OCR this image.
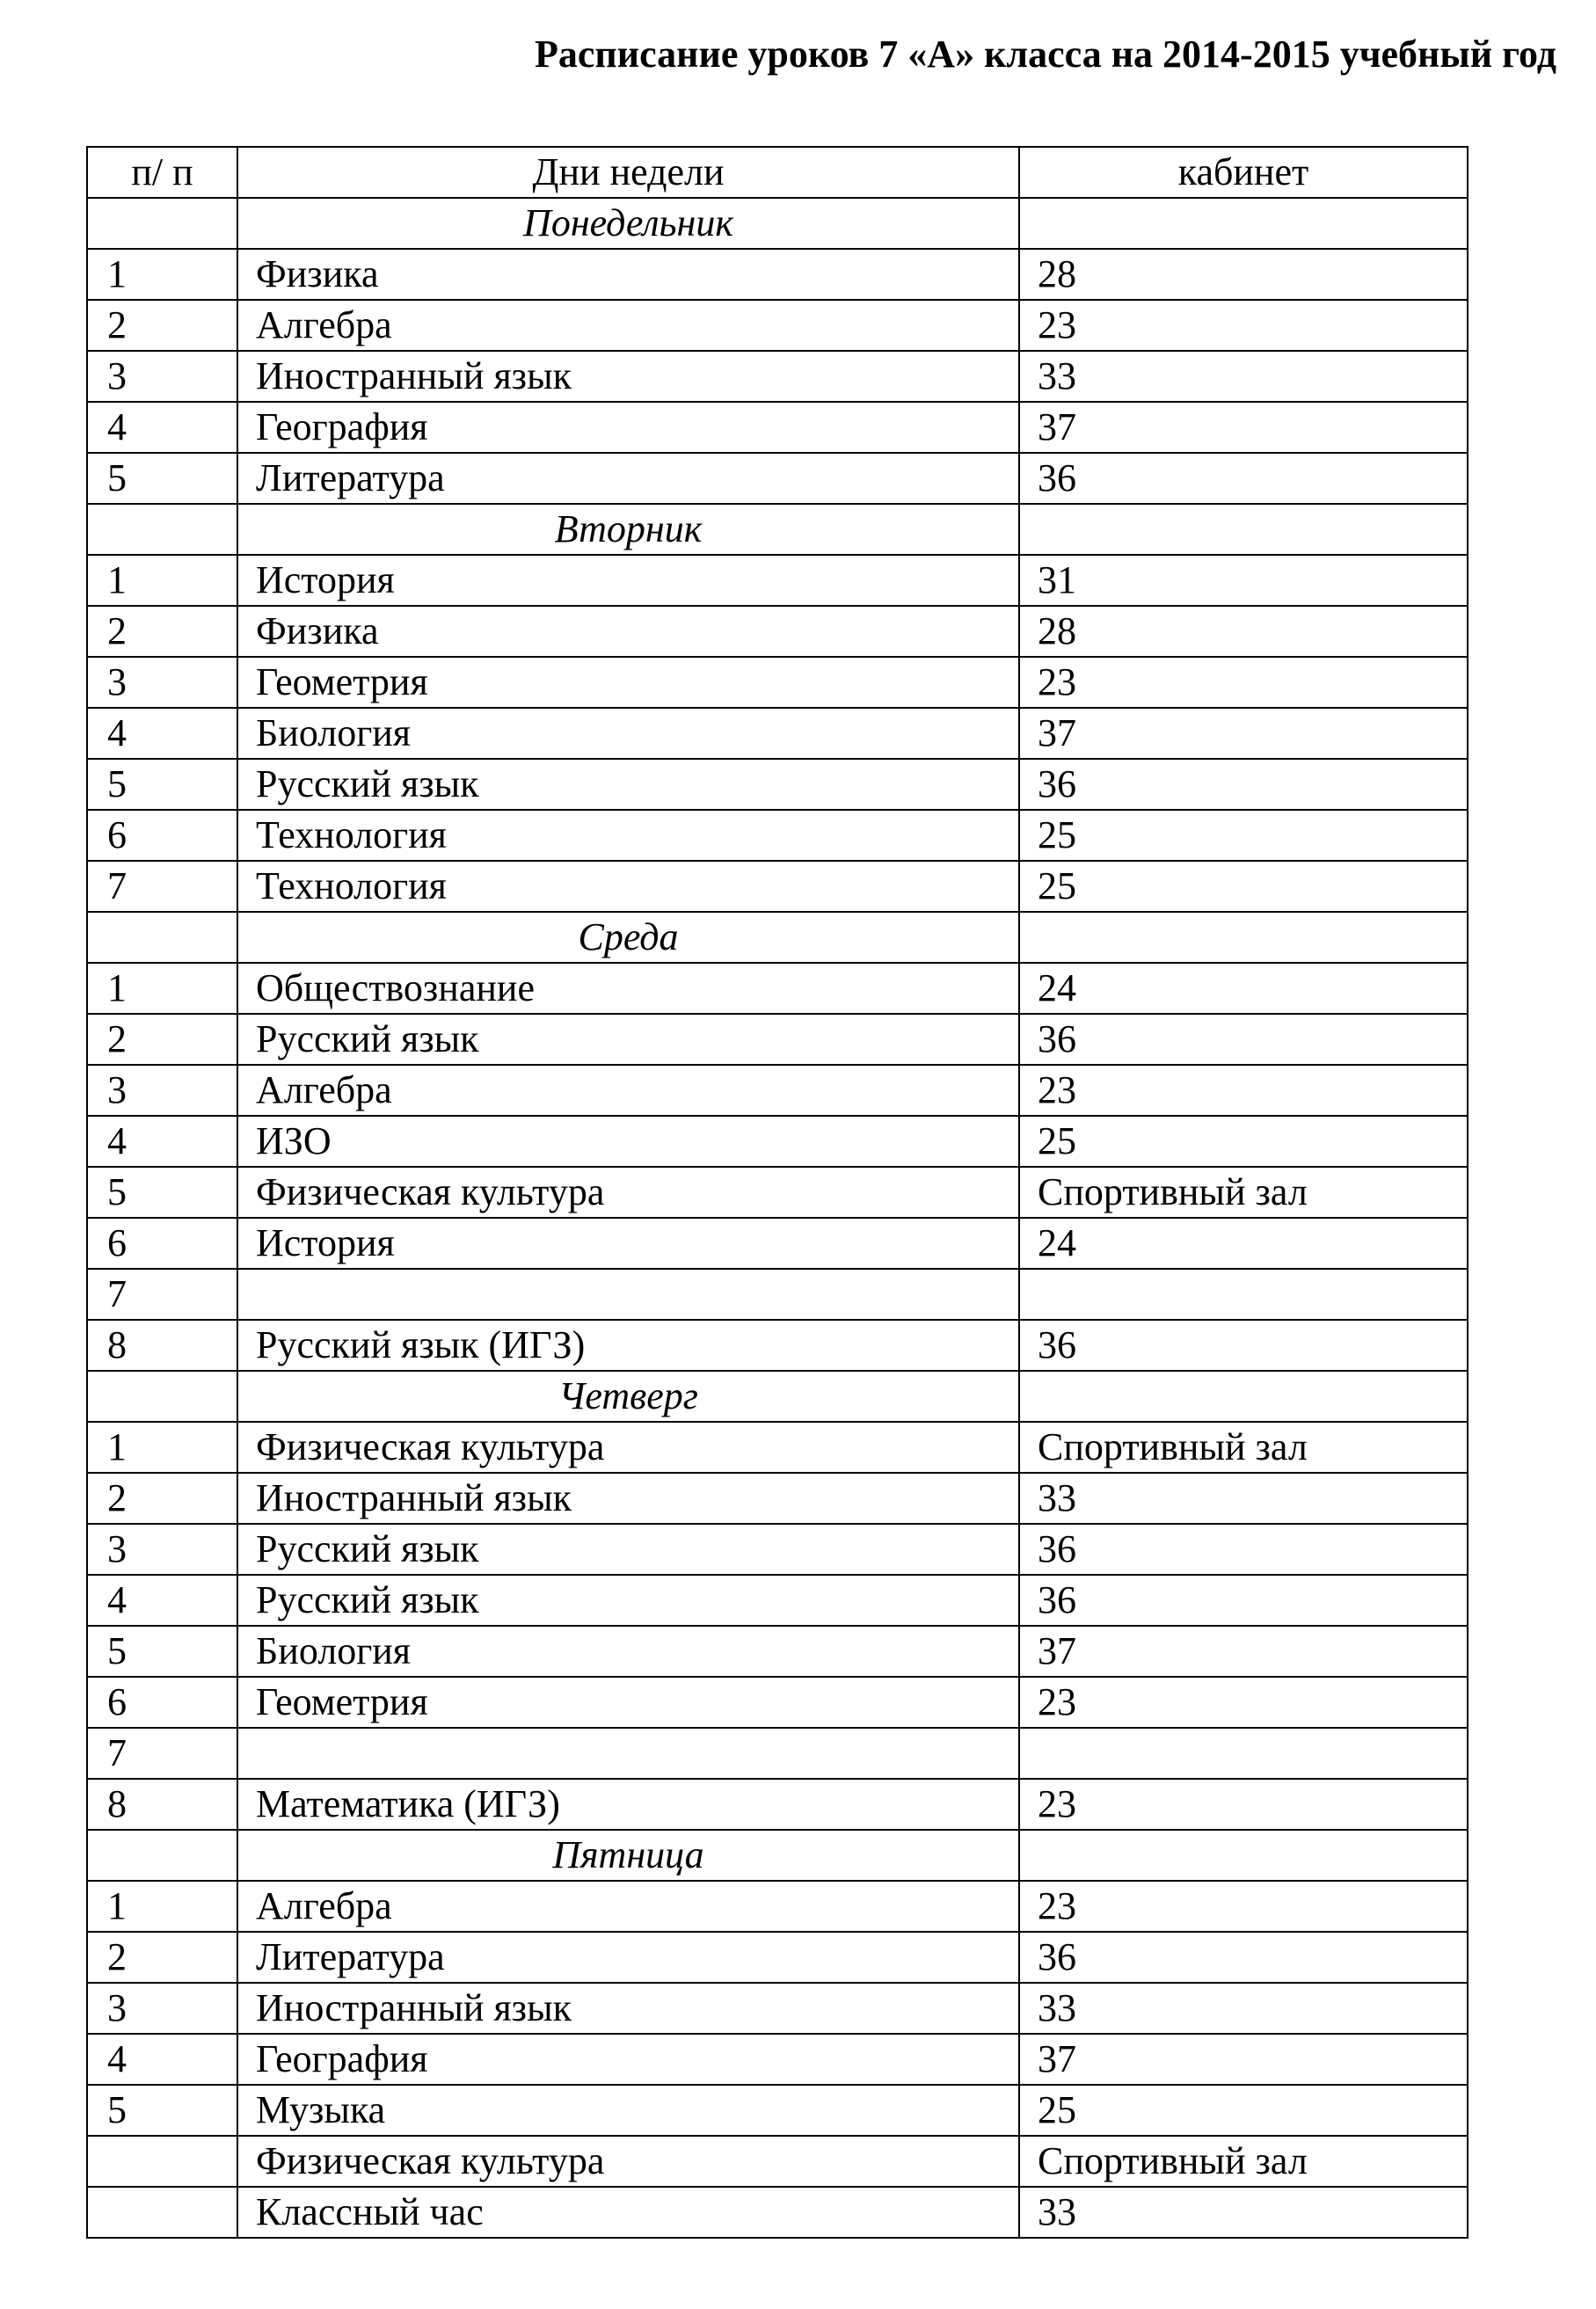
Расписание уроков 7 «А» класса на 2014-2015 учебный год
п/ п	Дни недели	кабинет
	Понедельник	
1	Физика	28
2	Алгебра	23
3	Иностранный язык	33
4	География	37
5	Литература	36
	Вторник	
1	История	31
2	Физика	28
3	Геометрия	23
4	Биология	37
5	Русский язык	36
6	Технология	25
7	Технология	25
	Среда	
1	Обществознание	24
2	Русский язык	36
3	Алгебра	23
4	ИЗО	25
5	Физическая культура	Спортивный зал
6	История	24
7		
8	Русский язык (ИГЗ)	36
	Четверг	
1	Физическая культура	Спортивный зал
2	Иностранный язык	33
3	Русский язык	36
4	Русский язык	36
5	Биология	37
6	Геометрия	23
7		
8	Математика (ИГЗ)	23
	Пятница	
1	Алгебра	23
2	Литература	36
3	Иностранный язык	33
4	География	37
5	Музыка	25
	Физическая культура	Спортивный зал
	Классный час	33
